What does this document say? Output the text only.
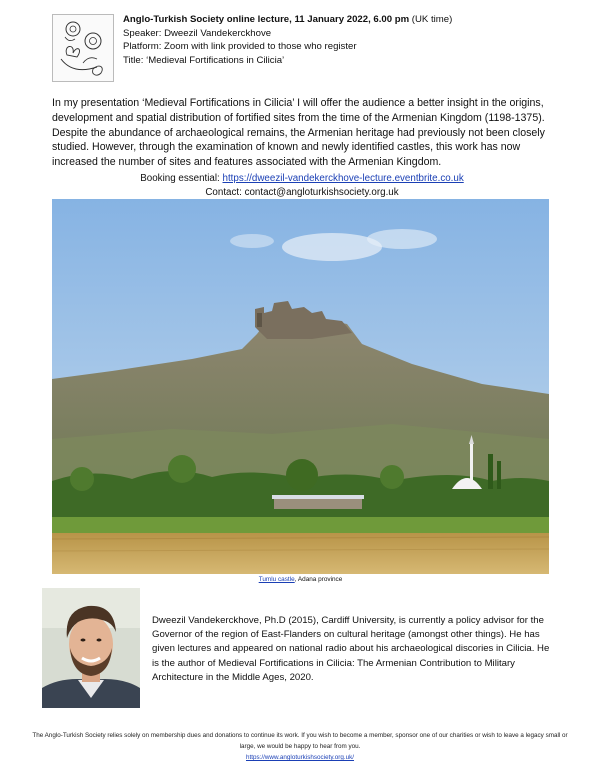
Anglo-Turkish Society online lecture, 11 January 2022, 6.00 pm (UK time)
Speaker: Dweezil Vandekerckhove
Platform: Zoom with link provided to those who register
Title: ‘Medieval Fortifications in Cilicia’
In my presentation ‘Medieval Fortifications in Cilicia’ I will offer the audience a better insight in the origins, development and spatial distribution of fortified sites from the time of the Armenian Kingdom (1198-1375). Despite the abundance of archaeological remains, the Armenian heritage had previously not been closely studied. However, through the examination of known and newly identified castles, this work has now increased the number of sites and features associated with the Armenian Kingdom.
Booking essential: https://dweezil-vandekerckhove-lecture.eventbrite.co.uk
Contact: contact@angloturkishsociety.org.uk
Tumlu castle, Adana province
Dweezil Vandekerckhove, Ph.D (2015), Cardiff University, is currently a policy advisor for the Governor of the region of East-Flanders on cultural heritage (amongst other things). He has given lectures and appeared on national radio about his archaeological discories in Cilicia. He is the author of Medieval Fortifications in Cilicia: The Armenian Contribution to Military Architecture in the Middle Ages, 2020.
The Anglo-Turkish Society relies solely on membership dues and donations to continue its work. If you wish to become a member, sponsor one of our charities or wish to leave a legacy small or large, we would be happy to hear from you.
https://www.angloturkishsociety.org.uk/
